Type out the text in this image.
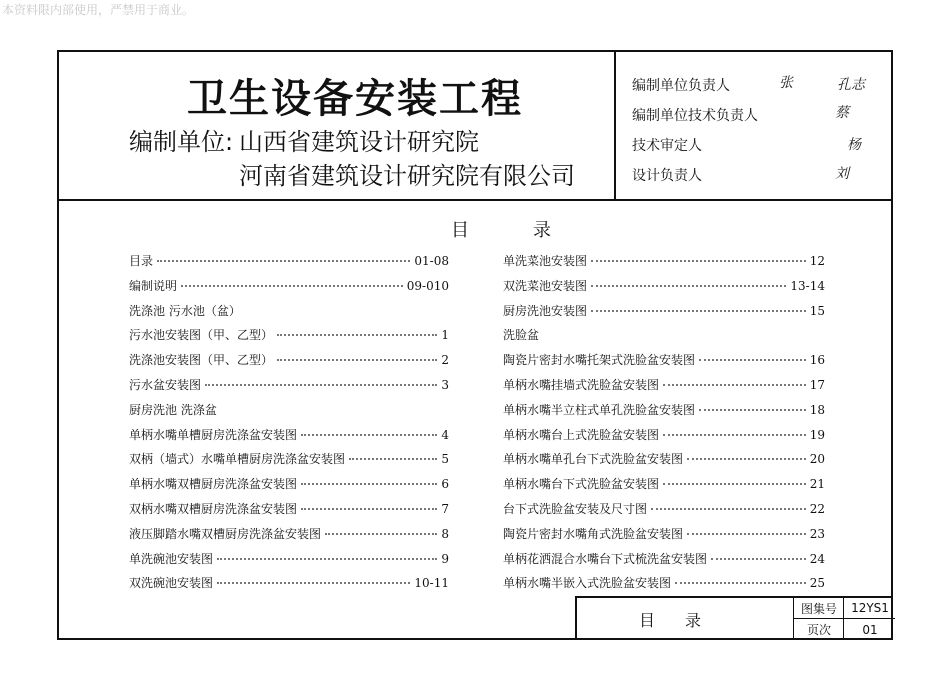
本资料限内部使用，严禁用于商业。
卫生设备安装工程
编制单位: 山西省建筑设计研究院
河南省建筑设计研究院有限公司
编制单位负责人	张	孔志
编制单位技术负责人	蔡
技术审定人	杨
设计负责人	刘
目录
目录	01-08
编制说明	09-010
洗涤池 污水池（盆）
污水池安装图（甲、乙型）	1
洗涤池安装图（甲、乙型）	2
污水盆安装图	3
厨房洗池 洗涤盆
单柄水嘴单槽厨房洗涤盆安装图	4
双柄（墙式）水嘴单槽厨房洗涤盆安装图	5
单柄水嘴双槽厨房洗涤盆安装图	6
双柄水嘴双槽厨房洗涤盆安装图	7
液压脚踏水嘴双槽厨房洗涤盆安装图	8
单洗碗池安装图	9
双洗碗池安装图	10-11
单洗菜池安装图	12
双洗菜池安装图	13-14
厨房洗池安装图	15
洗脸盆
陶瓷片密封水嘴托架式洗脸盆安装图	16
单柄水嘴挂墙式洗脸盆安装图	17
单柄水嘴半立柱式单孔洗脸盆安装图	18
单柄水嘴台上式洗脸盆安装图	19
单柄水嘴单孔台下式洗脸盆安装图	20
单柄水嘴台下式洗脸盆安装图	21
台下式洗脸盆安装及尺寸图	22
陶瓷片密封水嘴角式洗脸盆安装图	23
单柄花洒混合水嘴台下式梳洗盆安装图	24
单柄水嘴半嵌入式洗脸盆安装图	25
目录
图集号	12YS1
页次	01
